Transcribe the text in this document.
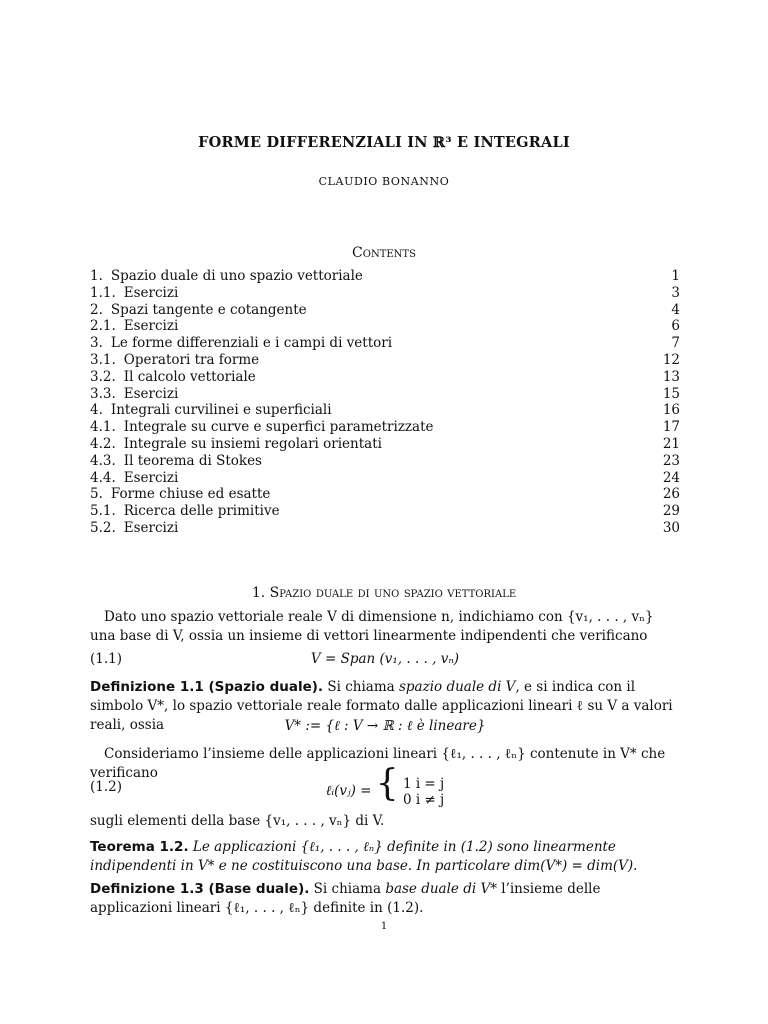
FORME DIFFERENZIALI IN ℝ³ E INTEGRALI
CLAUDIO BONANNO
Contents
1. Spazio duale di uno spazio vettoriale	1
1.1. Esercizi	3
2. Spazi tangente e cotangente	4
2.1. Esercizi	6
3. Le forme differenziali e i campi di vettori	7
3.1. Operatori tra forme	12
3.2. Il calcolo vettoriale	13
3.3. Esercizi	15
4. Integrali curvilinei e superficiali	16
4.1. Integrale su curve e superfici parametrizzate	17
4.2. Integrale su insiemi regolari orientati	21
4.3. Il teorema di Stokes	23
4.4. Esercizi	24
5. Forme chiuse ed esatte	26
5.1. Ricerca delle primitive	29
5.2. Esercizi	30
1. Spazio duale di uno spazio vettoriale
Dato uno spazio vettoriale reale V di dimensione n, indichiamo con {v₁, . . . , vₙ} una base di V, ossia un insieme di vettori linearmente indipendenti che verificano
(1.1)	V = Span (v₁, . . . , vₙ)
Definizione 1.1 (Spazio duale). Si chiama spazio duale di V, e si indica con il simbolo V*, lo spazio vettoriale reale formato dalle applicazioni lineari ℓ su V a valori reali, ossia	V* := {ℓ : V → ℝ : ℓ è lineare}
Consideriamo l’insieme delle applicazioni lineari {ℓ₁, . . . , ℓₙ} contenute in V* che verificano
(1.2)	ℓᵢ(vⱼ) = { 1 i = j
0 i ≠ j
sugli elementi della base {v₁, . . . , vₙ} di V.
Teorema 1.2. Le applicazioni {ℓ₁, . . . , ℓₙ} definite in (1.2) sono linearmente indipendenti in V* e ne costituiscono una base. In particolare dim(V*) = dim(V).
Definizione 1.3 (Base duale). Si chiama base duale di V* l’insieme delle applicazioni lineari {ℓ₁, . . . , ℓₙ} definite in (1.2).
1
